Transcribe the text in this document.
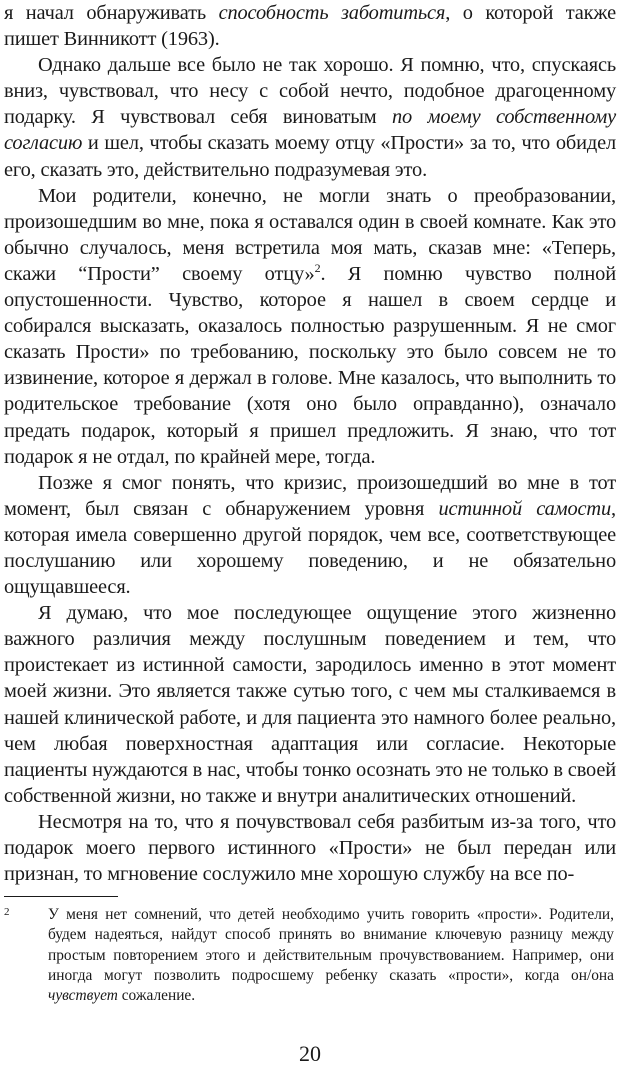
я начал обнаруживать способность заботиться, о которой также пишет Винникотт (1963).

Однако дальше все было не так хорошо. Я помню, что, спускаясь вниз, чувствовал, что несу с собой нечто, подобное драгоценному подарку. Я чувствовал себя виноватым по моему собственному согласию и шел, чтобы сказать моему отцу «Прости» за то, что обидел его, сказать это, действительно подразумевая это.

Мои родители, конечно, не могли знать о преобразовании, произошедшим во мне, пока я оставался один в своей комнате. Как это обычно случалось, меня встретила моя мать, сказав мне: «Теперь, скажи “Прости” своему отцу»$^2$. Я помню чувство полной опустошенности. Чувство, которое я нашел в своем сердце и собирался высказать, оказалось полностью разрушенным. Я не смог сказать Прости» по требованию, поскольку это было совсем не то извинение, которое я держал в голове. Мне казалось, что выполнить то родительское требование (хотя оно было оправданно), означало предать подарок, который я пришел предложить. Я знаю, что тот подарок я не отдал, по крайней мере, тогда.

Позже я смог понять, что кризис, произошедший во мне в тот момент, был связан с обнаружением уровня истинной самости, которая имела совершенно другой порядок, чем все, соответствующее послушанию или хорошему поведению, и не обязательно ощущавшееся.

Я думаю, что мое последующее ощущение этого жизненно важного различия между послушным поведением и тем, что проистекает из истинной самости, зародилось именно в этот момент моей жизни. Это является также сутью того, с чем мы сталкиваемся в нашей клинической работе, и для пациента это намного более реально, чем любая поверхностная адаптация или согласие. Некоторые пациенты нуждаются в нас, чтобы тонко осознать это не только в своей собственной жизни, но также и внутри аналитических отношений.

Несмотря на то, что я почувствовал себя разбитым из-за того, что подарок моего первого истинного «Прости» не был передан или признан, то мгновение сослужило мне хорошую службу на все по-

2	У меня нет сомнений, что детей необходимо учить говорить «прости». Родители, будем надеяться, найдут способ принять во внимание ключевую разницу между простым повторением этого и действительным прочувствованием. Например, они иногда могут позволить подросшему ребенку сказать «прости», когда он/она чувствует сожаление.

20
